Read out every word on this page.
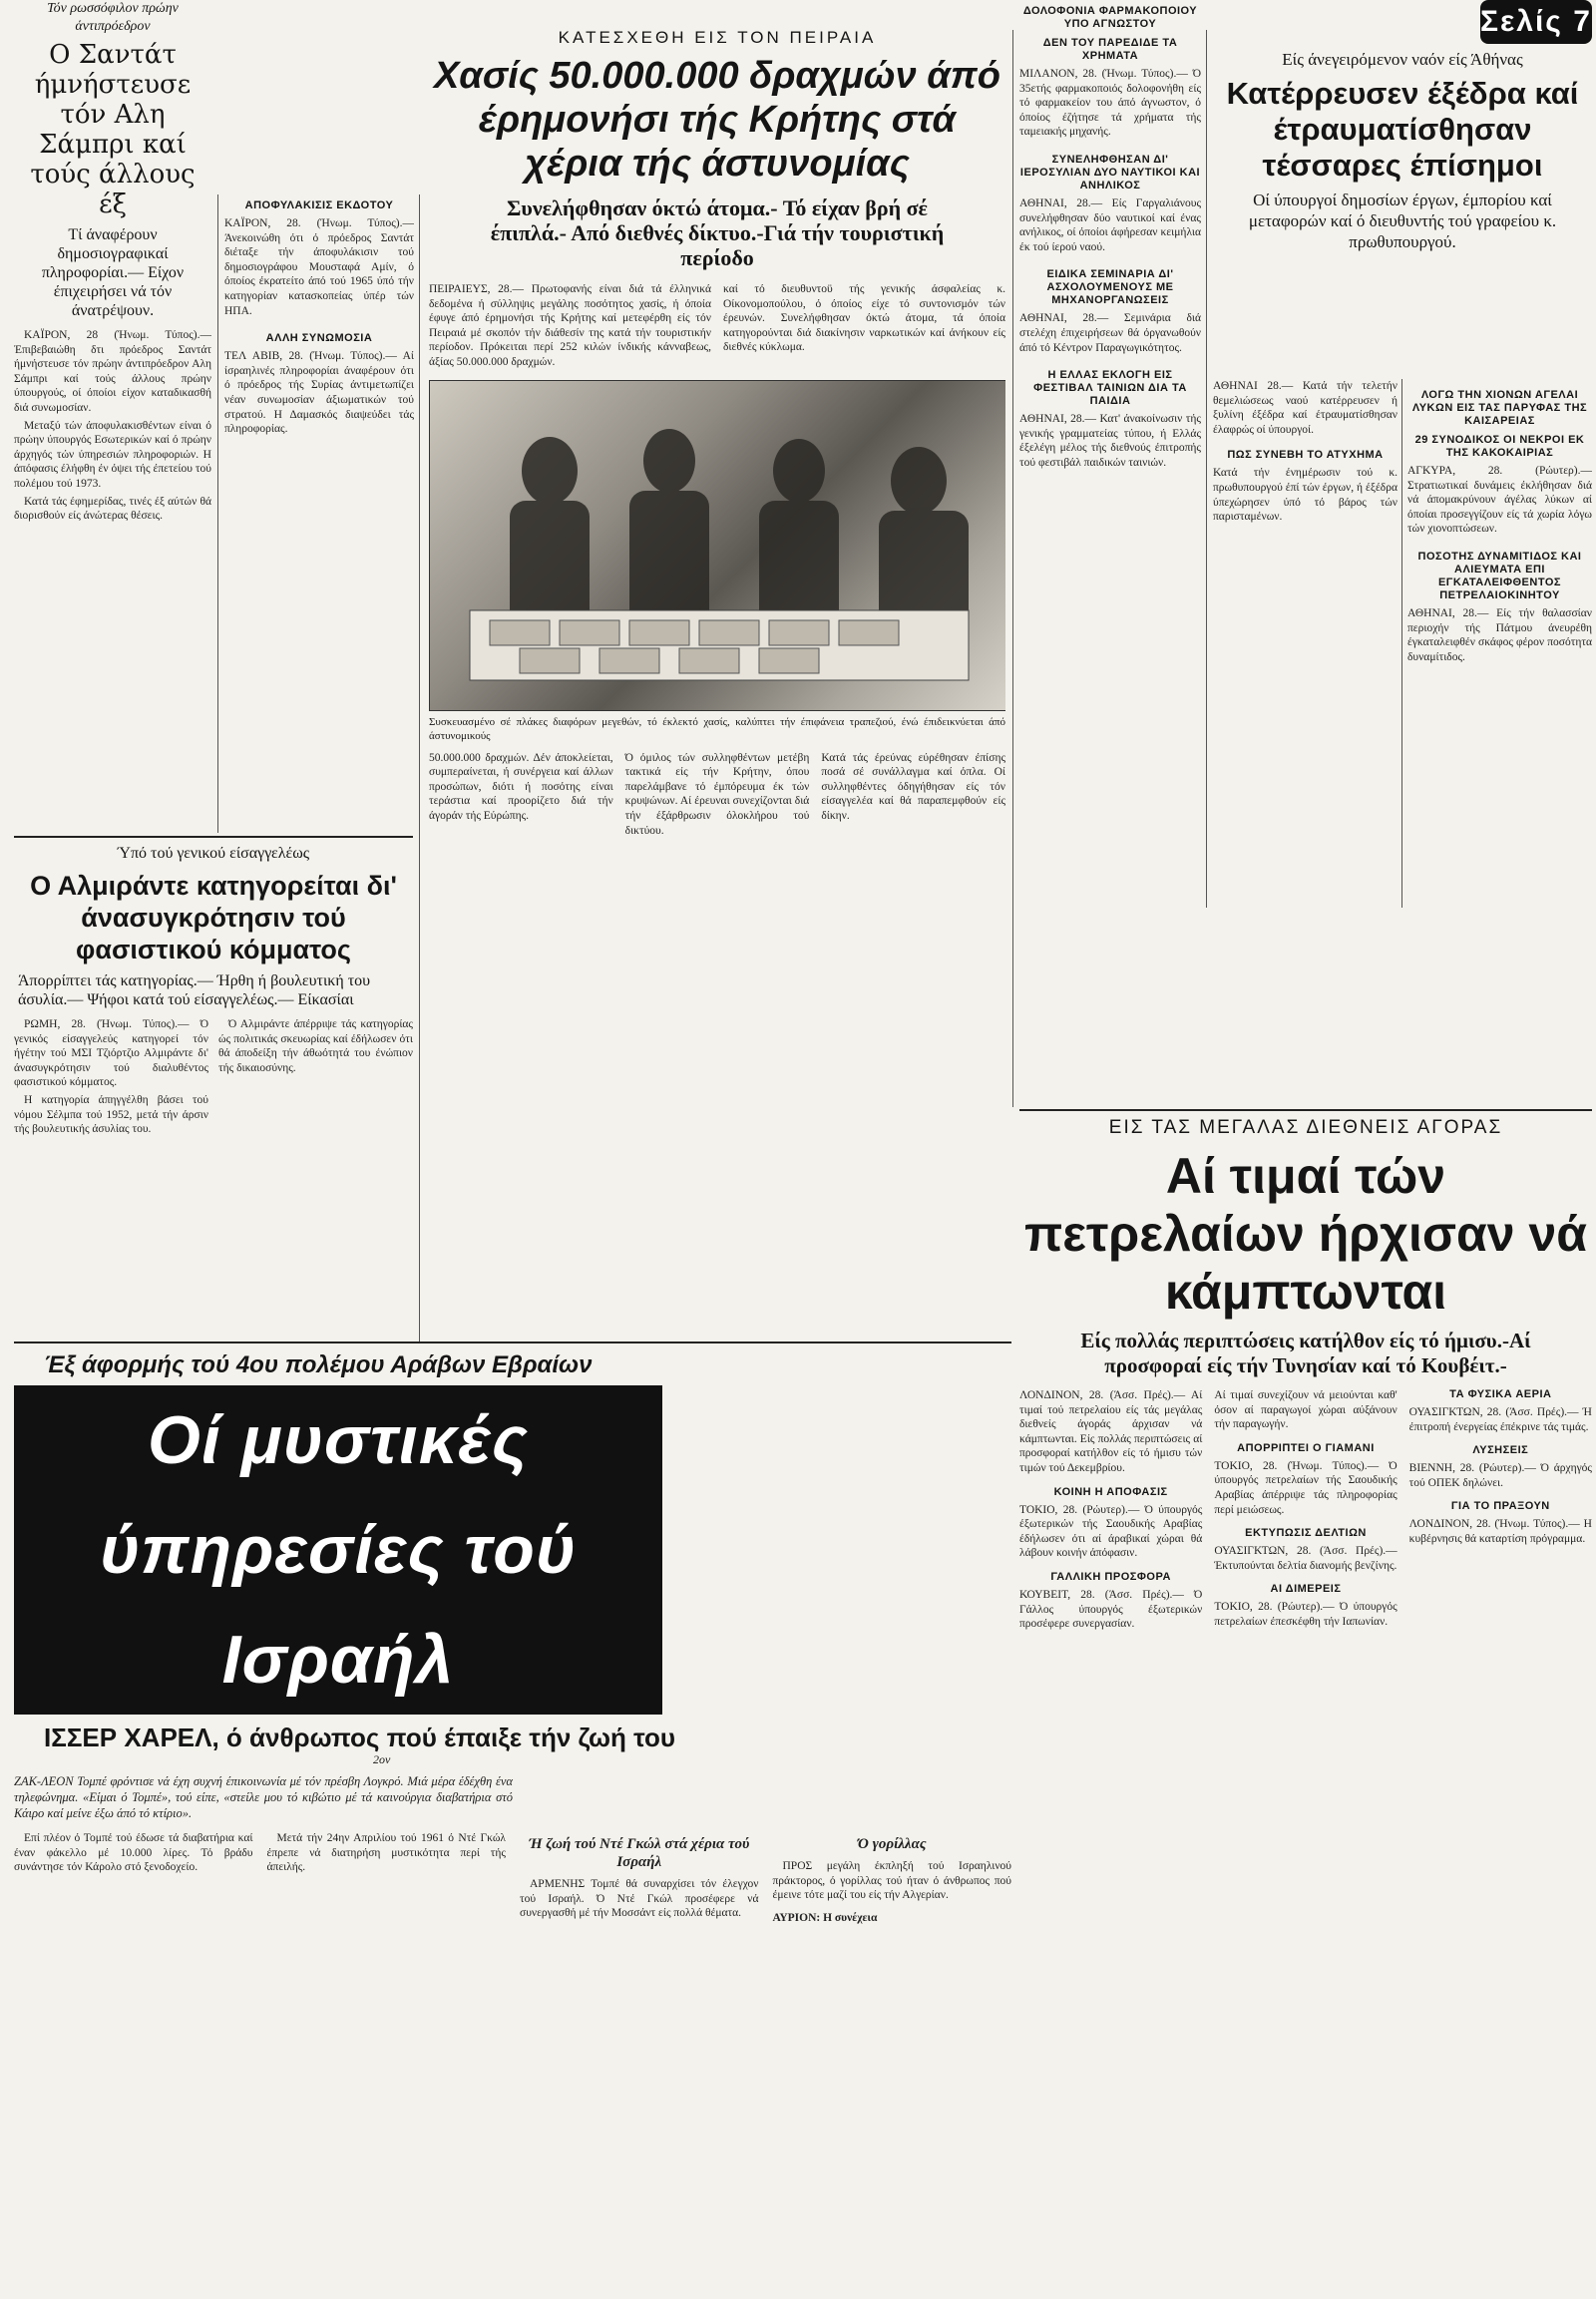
Σελίς 7
Τόν ρωσσόφιλον πρώην άντιπρόεδρον
Ο Σαντάτ ήμνήστευσε τόν Αλη Σάμπρι καί τούς άλλους έξ
Τί άναφέρουν δημοσιογραφικαί πληροφορίαι.— Είχον έπιχειρήσει νά τόν άνατρέψουν.

ΚΑΪΡΟΝ, 28 (Ήνωμ. Τύπος).— Έπιβεβαιώθη δτι πρόεδρος Σαντάτ ήμνήστευσε τόν πρώην άντιπρόεδρον Αλη Σάμπρι καί τούς άλλους πρώην ύπουργούς, οί όποίοι είχον καταδικασθή διά συνωμοσίαν.

Μεταξύ τών άποφυλακισθέντων είναι ό πρώην ύπουργός Εσωτερικών καί ό πρώην άρχηγός τών ύπηρεσιών πληροφοριών. Η άπόφασις έλήφθη έν όψει τής έπετείου τού πολέμου τού 1973.

Κατά τάς έφημερίδας, τινές έξ αύτών θά διορισθούν είς άνώτερας θέσεις.

ΑΠΟΦΥΛΑΚΙΣΙΣ ΕΚΔΟΤΟΥ
ΚΑΪΡΟΝ, 28. (Ήνωμ. Τύπος).— Άνεκοινώθη ότι ό πρόεδρος Σαντάτ διέταξε τήν άποφυλάκισιν τού δημοσιογράφου Μουσταφά Αμίν, ό όποίος έκρατείτο άπό τού 1965 ύπό τήν κατηγορίαν κατασκοπείας ύπέρ τών ΗΠΑ.
ΑΛΛΗ ΣΥΝΩΜΟΣΙΑ
ΤΕΛ ΑΒΙΒ, 28. (Ήνωμ. Τύπος).— Αί ίσραηλινές πληροφορίαι άναφέρουν ότι ό πρόεδρος τής Συρίας άντιμετωπίζει νέαν συνωμοσίαν άξιωματικών τού στρατού. Η Δαμασκός διαψεύδει τάς πληροφορίας.
Ύπό τού γενικού είσαγγελέως
Ο Αλμιράντε κατηγορείται δι' άνασυγκρότησιν τού φασιστικού κόμματος
Άπορρίπτει τάς κατηγορίας.— Ήρθη ή βουλευτική του άσυλία.— Ψήφοι κατά τού είσαγγελέως.— Είκασίαι

ΡΩΜΗ, 28. (Ήνωμ. Τύπος).— Ό γενικός είσαγγελεύς κατηγορεί τόν ήγέτην τού ΜΣΙ Τζιόρτζιο Αλμιράντε δι' άνασυγκρότησιν τού διαλυθέντος φασιστικού κόμματος.

Η κατηγορία άπηγγέλθη βάσει τού νόμου Σέλμπα τού 1952, μετά τήν άρσιν τής βουλευτικής άσυλίας του.

Ό Αλμιράντε άπέρριψε τάς κατηγορίας ώς πολιτικάς σκευωρίας καί έδήλωσεν ότι θά άποδείξη τήν άθωότητά του ένώπιον τής δικαιοσύνης.

ΚΑΤΕΣΧΕΘΗ ΕΙΣ ΤΟΝ ΠΕΙΡΑΙΑ
Χασίς 50.000.000 δραχμών άπό έρημονήσι τής Κρήτης στά χέρια τής άστυνομίας
Συνελήφθησαν όκτώ άτομα.- Τό είχαν βρή σέ έπιπλά.- Από διεθνές δίκτυο.-Γιά τήν τουριστική περίοδο
ΠΕΙΡΑΙΕΥΣ, 28.— Πρωτοφανής είναι διά τά έλληνικά δεδομένα ή σύλληψις μεγάλης ποσότητος χασίς, ή όποία έφυγε άπό έρημονήσι τής Κρήτης καί μετεφέρθη είς τόν Πειραιά μέ σκοπόν τήν διάθεσίν της κατά τήν τουριστικήν περίοδον. Πρόκειται περί 252 κιλών ίνδικής κάνναβεως, άξίας 50.000.000 δραχμών.
καί τό διευθυντοϋ τής γενικής άσφαλείας κ. Οίκονομοπούλου, ό όποίος είχε τό συντονισμόν τών έρευνών. Συνελήφθησαν όκτώ άτομα, τά όποία κατηγορούνται διά διακίνησιν ναρκωτικών καί άνήκουν είς διεθνές κύκλωμα.
Συσκευασμένο σέ πλάκες διαφόρων μεγεθών, τό έκλεκτό χασίς, καλύπτει τήν έπιφάνεια τραπεζιού, ένώ έπιδεικνύεται άπό άστυνομικούς
50.000.000 δραχμών. Δέν άποκλείεται, συμπεραίνεται, ή συνέργεια καί άλλων προσώπων, διότι ή ποσότης είναι τεράστια καί προορίζετο διά τήν άγοράν τής Εύρώπης.
Ό όμιλος τών συλληφθέντων μετέβη τακτικά είς τήν Κρήτην, όπου παρελάμβανε τό έμπόρευμα έκ τών κρυψώνων. Αί έρευναι συνεχίζονται διά τήν έξάρθρωσιν όλοκλήρου τού δικτύου.
Κατά τάς έρεύνας εύρέθησαν έπίσης ποσά σέ συνάλλαγμα καί όπλα. Οί συλληφθέντες όδηγήθησαν είς τόν είσαγγελέα καί θά παραπεμφθούν είς δίκην.
ΔΟΛΟΦΟΝΙΑ ΦΑΡΜΑΚΟΠΟΙΟΥ ΥΠΟ ΑΓΝΩΣΤΟΥ
ΔΕΝ ΤΟΥ ΠΑΡΕΔΙΔΕ ΤΑ ΧΡΗΜΑΤΑ
ΜΙΛΑΝΟΝ, 28. (Ήνωμ. Τύπος).— Ό 35ετής φαρμακοποιός δολοφονήθη είς τό φαρμακείον του άπό άγνωστον, ό όποίος έζήτησε τά χρήματα τής ταμειακής μηχανής.
ΣΥΝΕΛΗΦΘΗΣΑΝ ΔΙ' ΙΕΡΟΣΥΛΙΑΝ ΔΥΟ ΝΑΥΤΙΚΟΙ ΚΑΙ ΑΝΗΛΙΚΟΣ
ΑΘΗΝΑΙ, 28.— Είς Γαργαλιάνους συνελήφθησαν δύο ναυτικοί καί ένας ανήλικος, οί όποίοι άφήρεσαν κειμήλια έκ τού ίερού ναού.
ΕΙΔΙΚΑ ΣΕΜΙΝΑΡΙΑ ΔΙ' ΑΣΧΟΛΟΥΜΕΝΟΥΣ ΜΕ ΜΗΧΑΝΟΡΓΑΝΩΣΕΙΣ
ΑΘΗΝΑΙ, 28.— Σεμινάρια διά στελέχη έπιχειρήσεων θά όργανωθούν άπό τό Κέντρον Παραγωγικότητος.
Η ΕΛΛΑΣ ΕΚΛΟΓΗ ΕΙΣ ΦΕΣΤΙΒΑΛ ΤΑΙΝΙΩΝ ΔΙΑ ΤΑ ΠΑΙΔΙΑ
ΑΘΗΝΑΙ, 28.— Κατ' άνακοίνωσιν τής γενικής γραμματείας τύπου, ή Ελλάς έξελέγη μέλος τής διεθνούς έπιτροπής τού φεστιβάλ παιδικών ταινιών.
Είς άνεγειρόμενον ναόν είς Άθήνας
Κατέρρευσεν έξέδρα καί έτραυματίσθησαν τέσσαρες έπίσημοι
Οί ύπουργοί δημοσίων έργων, έμπορίου καί μεταφορών καί ό διευθυντής τού γραφείου κ. πρωθυπουργού.
ΑΘΗΝΑΙ 28.— Κατά τήν τελετήν θεμελιώσεως ναού κατέρρευσεν ή ξυλίνη έξέδρα καί έτραυματίσθησαν έλαφρώς οί ύπουργοί.
ΠΩΣ ΣΥΝΕΒΗ ΤΟ ΑΤΥΧΗΜΑ
Κατά τήν ένημέρωσιν τού κ. πρωθυπουργού έπί τών έργων, ή έξέδρα ύπεχώρησεν ύπό τό βάρος τών παρισταμένων.
ΛΟΓΩ ΤΗΝ ΧΙΟΝΩΝ ΑΓΕΛΑΙ ΛΥΚΩΝ ΕΙΣ ΤΑΣ ΠΑΡΥΦΑΣ ΤΗΣ ΚΑΙΣΑΡΕΙΑΣ
29 ΣΥΝΟΔΙΚΟΣ ΟΙ ΝΕΚΡΟΙ ΕΚ ΤΗΣ ΚΑΚΟΚΑΙΡΙΑΣ
ΑΓΚΥΡΑ, 28. (Ρώυτερ).— Στρατιωτικαί δυνάμεις έκλήθησαν διά νά άπομακρύνουν άγέλας λύκων αί όποίαι προσεγγίζουν είς τά χωρία λόγω τών χιονοπτώσεων.
ΠΟΣΟΤΗΣ ΔΥΝΑΜΙΤΙΔΟΣ ΚΑΙ ΑΛΙΕΥΜΑΤΑ ΕΠΙ ΕΓΚΑΤΑΛΕΙΦΘΕΝΤΟΣ ΠΕΤΡΕΛΑΙΟΚΙΝΗΤΟΥ
ΑΘΗΝΑΙ, 28.— Είς τήν θαλασσίαν περιοχήν τής Πάτμου άνευρέθη έγκαταλειφθέν σκάφος φέρον ποσότητα δυναμίτιδος.
ΕΙΣ ΤΑΣ ΜΕΓΑΛΑΣ ΔΙΕΘΝΕΙΣ ΑΓΟΡΑΣ
Αί τιμαί τών πετρελαίων ήρχισαν νά κάμπτωνται
Είς πολλάς περιπτώσεις κατήλθον είς τό ήμισυ.-Αί προσφοραί είς τήν Τυνησίαν καί τό Κουβέιτ.-
ΛΟΝΔΙΝΟΝ, 28. (Άσσ. Πρές).— Αί τιμαί τού πετρελαίου είς τάς μεγάλας διεθνείς άγοράς άρχισαν νά κάμπτωνται. Είς πολλάς περιπτώσεις αί προσφοραί κατήλθον είς τό ήμισυ τών τιμών τού Δεκεμβρίου.
ΚΟΙΝΗ Η ΑΠΟΦΑΣΙΣ
ΤΟΚΙΟ, 28. (Ρώυτερ).— Ό ύπουργός έξωτερικών τής Σαουδικής Αραβίας έδήλωσεν ότι αί άραβικαί χώραι θά λάβουν κοινήν άπόφασιν.
ΓΑΛΛΙΚΗ ΠΡΟΣΦΟΡΑ
ΚΟΥΒΕΙΤ, 28. (Άσσ. Πρές).— Ό Γάλλος ύπουργός έξωτερικών προσέφερε συνεργασίαν.
Αί τιμαί συνεχίζουν νά μειούνται καθ' όσον αί παραγωγοί χώραι αύξάνουν τήν παραγωγήν.
ΑΠΟΡΡΙΠΤΕΙ Ο ΓΙΑΜΑΝΙ
ΤΟΚΙΟ, 28. (Ήνωμ. Τύπος).— Ό ύπουργός πετρελαίων τής Σαουδικής Αραβίας άπέρριψε τάς πληροφορίας περί μειώσεως.
ΕΚΤΥΠΩΣΙΣ ΔΕΛΤΙΩΝ
ΟΥΑΣΙΓΚΤΩΝ, 28. (Άσσ. Πρές).— Έκτυπούνται δελτία διανομής βενζίνης.
ΑΙ ΔΙΜΕΡΕΙΣ
ΤΟΚΙΟ, 28. (Ρώυτερ).— Ό ύπουργός πετρελαίων έπεσκέφθη τήν Ιαπωνίαν.
ΤΑ ΦΥΣΙΚΑ ΑΕΡΙΑ
ΟΥΑΣΙΓΚΤΩΝ, 28. (Άσσ. Πρές).— Ή έπιτροπή ένεργείας έπέκρινε τάς τιμάς.
ΛΥΣΗΣΕΙΣ
ΒΙΕΝΝΗ, 28. (Ρώυτερ).— Ό άρχηγός τού ΟΠΕΚ δηλώνει.
ΓΙΑ ΤΟ ΠΡΑΞΟΥΝ
ΛΟΝΔΙΝΟΝ, 28. (Ήνωμ. Τύπος).— Η κυβέρνησις θά καταρτίση πρόγραμμα.
Έξ άφορμής τού 4ου πολέμου Αράβων Εβραίων
Οί μυστικές ύπηρεσίες τού Ισραήλ
ΙΣΣΕΡ ΧΑΡΕΛ, ό άνθρωπος πού έπαιξε τήν ζωή του
2ον
ΖΑΚ-ΛΕΟΝ Τομπέ φρόντισε νά έχη συχνή έπικοινωνία μέ τόν πρέσβη Λογκρό. Μιά μέρα έδέχθη ένα τηλεφώνημα. «Είμαι ό Τομπέ», τού είπε, «στείλε μου τό κιβώτιο μέ τά καινούργια διαβατήρια στό Κάιρο καί μείνε έξω άπό τό κτίριο».

Επί πλέον ό Τομπέ τού έδωσε τά διαβατήρια καί έναν φάκελλο μέ 10.000 λίρες. Τό βράδυ συνάντησε τόν Κάρολο στό ξενοδοχείο.

Μετά τήν 24ην Απριλίου τού 1961 ό Ντέ Γκώλ έπρεπε νά διατηρήση μυστικότητα περί τής άπειλής.

Ή ζωή τού Ντέ Γκώλ στά χέρια τού Ισραήλ

ΑΡΜΕΝΗΣ Τομπέ θά συναρχίσει τόν έλεγχον τού Ισραήλ. Ό Ντέ Γκώλ προσέφερε νά συνεργασθή μέ τήν Μοσσάντ είς πολλά θέματα.

Ό γορίλλας

ΠΡΟΣ μεγάλη έκπληξή τού Ισραηλινού πράκτορος, ό γορίλλας τού ήταν ό άνθρωπος πού έμεινε τότε μαζί του είς τήν Αλγερίαν.

ΑΥΡΙΟΝ: Η συνέχεια
